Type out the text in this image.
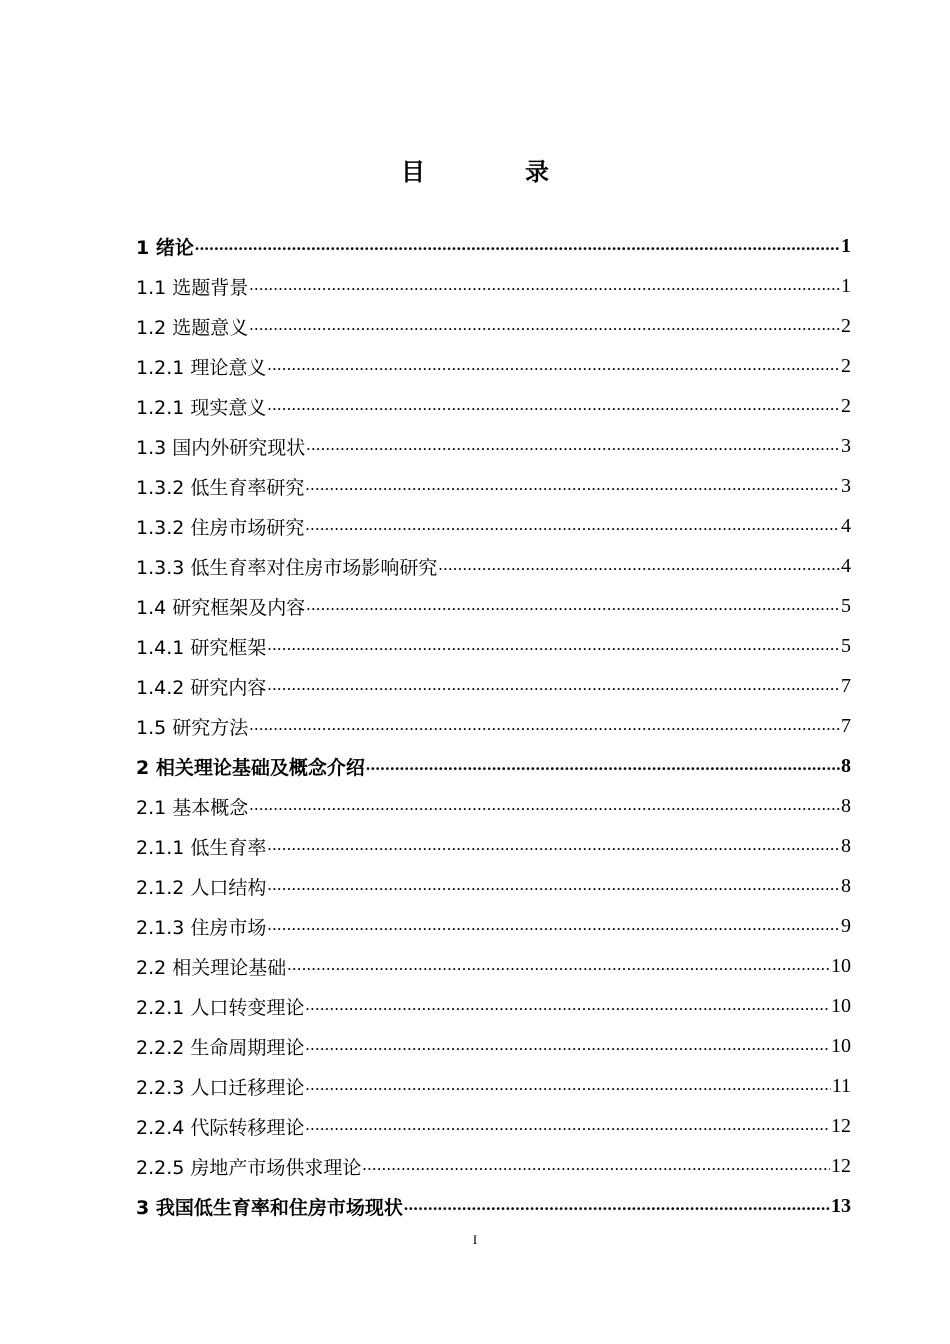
目	录
1 绪论 .....	1
1.1 选题背景 .....	1
1.2 选题意义 .....	2
1.2.1 理论意义 .....	2
1.2.1 现实意义 .....	2
1.3 国内外研究现状 .....	3
1.3.2 低生育率研究 .....	3
1.3.2 住房市场研究 .....	4
1.3.3 低生育率对住房市场影响研究 .....	4
1.4 研究框架及内容 .....	5
1.4.1 研究框架 .....	5
1.4.2 研究内容 .....	7
1.5 研究方法 .....	7
2 相关理论基础及概念介绍 .....	8
2.1 基本概念 .....	8
2.1.1 低生育率 .....	8
2.1.2 人口结构 .....	8
2.1.3 住房市场 .....	9
2.2 相关理论基础 .....	10
2.2.1 人口转变理论 .....	10
2.2.2 生命周期理论 .....	10
2.2.3 人口迁移理论 .....	11
2.2.4 代际转移理论 .....	12
2.2.5 房地产市场供求理论 .....	12
3 我国低生育率和住房市场现状 .....	13
I
